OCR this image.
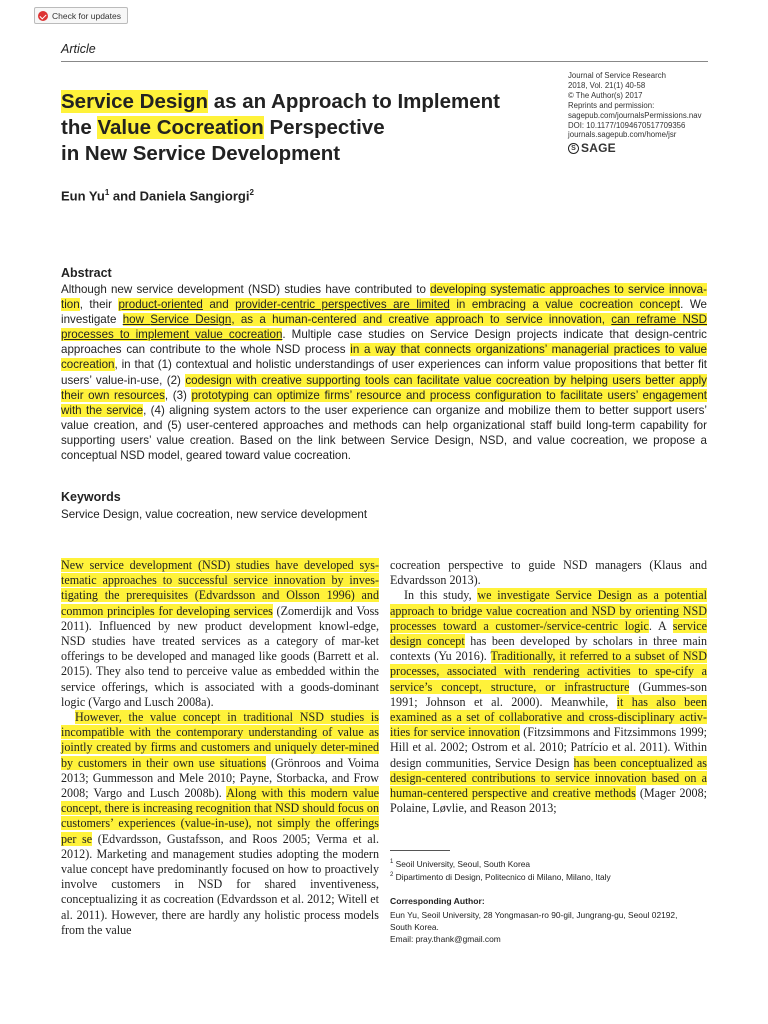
Check for updates
Article
Journal of Service Research
2018, Vol. 21(1) 40-58
© The Author(s) 2017
Reprints and permission:
sagepub.com/journalsPermissions.nav
DOI: 10.1177/1094670517709356
journals.sagepub.com/home/jsr
S SAGE
Service Design as an Approach to Implement
the Value Cocreation Perspective
in New Service Development
Eun Yu$^1$ and Daniela Sangiorgi$^2$
Abstract

Although new service development (NSD) studies have contributed to developing systematic approaches to service innova-tion, their product-oriented and provider-centric perspectives are limited in embracing a value cocreation concept. We investigate how Service Design, as a human-centered and creative approach to service innovation, can reframe NSD processes to implement value cocreation. Multiple case studies on Service Design projects indicate that design-centric approaches can contribute to the whole NSD process in a way that connects organizations’ managerial practices to value cocreation, in that (1) contextual and holistic understandings of user experiences can inform value propositions that better fit users’ value-in-use, (2) codesign with creative supporting tools can facilitate value cocreation by helping users better apply their own resources, (3) prototyping can optimize firms’ resource and process configuration to facilitate users’ engagement with the service, (4) aligning system actors to the user experience can organize and mobilize them to better support users’ value creation, and (5) user-centered approaches and methods can help organizational staff build long-term capability for supporting users’ value creation. Based on the link between Service Design, NSD, and value cocreation, we propose a conceptual NSD model, geared toward value cocreation.

Keywords
Service Design, value cocreation, new service development

New service development (NSD) studies have developed sys-tematic approaches to successful service innovation by inves-tigating the prerequisites (Edvardsson and Olsson 1996) and common principles for developing services (Zomerdijk and Voss 2011). Influenced by new product development knowl-edge, NSD studies have treated services as a category of mar-ket offerings to be developed and managed like goods (Barrett et al. 2015). They also tend to perceive value as embedded within the service offerings, which is associated with a goods-dominant logic (Vargo and Lusch 2008a).

However, the value concept in traditional NSD studies is incompatible with the contemporary understanding of value as jointly created by firms and customers and uniquely deter-mined by customers in their own use situations (Grönroos and Voima 2013; Gummesson and Mele 2010; Payne, Storbacka, and Frow 2008; Vargo and Lusch 2008b). Along with this modern value concept, there is increasing recognition that NSD should focus on customers’ experiences (value-in-use), not simply the offerings per se (Edvardsson, Gustafsson, and Roos 2005; Verma et al. 2012). Marketing and management studies adopting the modern value concept have predominantly focused on how to proactively involve customers in NSD for shared inventiveness, conceptualizing it as cocreation (Edvardsson et al. 2012; Witell et al. 2011). However, there are hardly any holistic process models from the value

cocreation perspective to guide NSD managers (Klaus and Edvardsson 2013).

In this study, we investigate Service Design as a potential approach to bridge value cocreation and NSD by orienting NSD processes toward a customer-/service-centric logic. A service design concept has been developed by scholars in three main contexts (Yu 2016). Traditionally, it referred to a subset of NSD processes, associated with rendering activities to spe-cify a service’s concept, structure, or infrastructure (Gummes-son 1991; Johnson et al. 2000). Meanwhile, it has also been examined as a set of collaborative and cross-disciplinary activ-ities for service innovation (Fitzsimmons and Fitzsimmons 1999; Hill et al. 2002; Ostrom et al. 2010; Patrício et al. 2011). Within design communities, Service Design has been conceptualized as design-centered contributions to service innovation based on a human-centered perspective and creative methods (Mager 2008; Polaine, Løvlie, and Reason 2013;

$^1$ Seoil University, Seoul, South Korea
$^2$ Dipartimento di Design, Politecnico di Milano, Milano, Italy
Corresponding Author:
Eun Yu, Seoil University, 28 Yongmasan-ro 90-gil, Jungrang-gu, Seoul 02192,
South Korea.
Email: pray.thank@gmail.com
